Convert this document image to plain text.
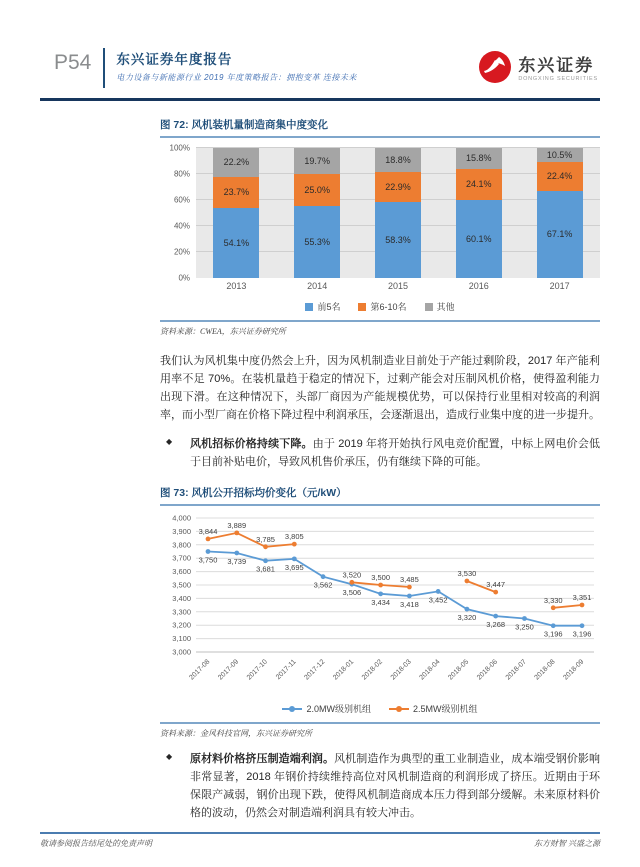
P54 东兴证券年度报告
电力设备与新能源行业 2019 年度策略报告：拥抱变革 连接未来
东兴证券
DONGXING SECURITIES
图 72: 风机装机量制造商集中度变化
0%
20%
40%
60%
80%
100%
54.1%
23.7%
22.2%
55.3%
25.0%
19.7%
58.3%
22.9%
18.8%
60.1%
24.1%
15.8%
67.1%
22.4%
10.5%
2013	2014	2015	2016	2017
前5名	第6-10名	其他
资料来源：CWEA，东兴证券研究所
我们认为风机集中度仍然会上升，因为风机制造业目前处于产能过剩阶段，2017 年产能利用率不足 70%。在装机量趋于稳定的情况下，过剩产能会对压制风机价格，使得盈利能力出现下滑。在这种情况下，头部厂商因为产能规模优势，可以保持行业里相对较高的利润率，而小型厂商在价格下降过程中利润承压，会逐渐退出，造成行业集中度的进一步提升。
◆	风机招标价格持续下降。由于 2019 年将开始执行风电竞价配置，中标上网电价会低于目前补贴电价，导致风机售价承压，仍有继续下降的可能。
图 73: 风机公开招标均价变化（元/kW）
3,000
3,100
3,200
3,300
3,400
3,500
3,600
3,700
3,800
3,900
4,000
2017-08 2017-09 2017-10 2017-11 2017-12 2018-01 2018-02 2018-03 2018-04 2018-05 2018-06 2018-07 2018-08 2018-09
3,750 3,739
3,681 3,695
3,562
3,506
3,434 3,418
3,452
3,320
3,268 3,250
3,196 3,196
3,844
3,889
3,785 3,805
3,520 3,500 3,485
3,530
3,447
3,330 3,351
2.0MW级别机组	2.5MW级别机组
资料来源：金风科技官网，东兴证券研究所
◆	原材料价格挤压制造端利润。风机制造作为典型的重工业制造业，成本端受钢价影响非常显著，2018 年钢价持续维持高位对风机制造商的利润形成了挤压。近期由于环保限产减弱，钢价出现下跌，使得风机制造商成本压力得到部分缓解。未来原材料价格的波动，仍然会对制造端利润具有较大冲击。
敬请参阅报告结尾处的免责声明	东方财智 兴盛之源
